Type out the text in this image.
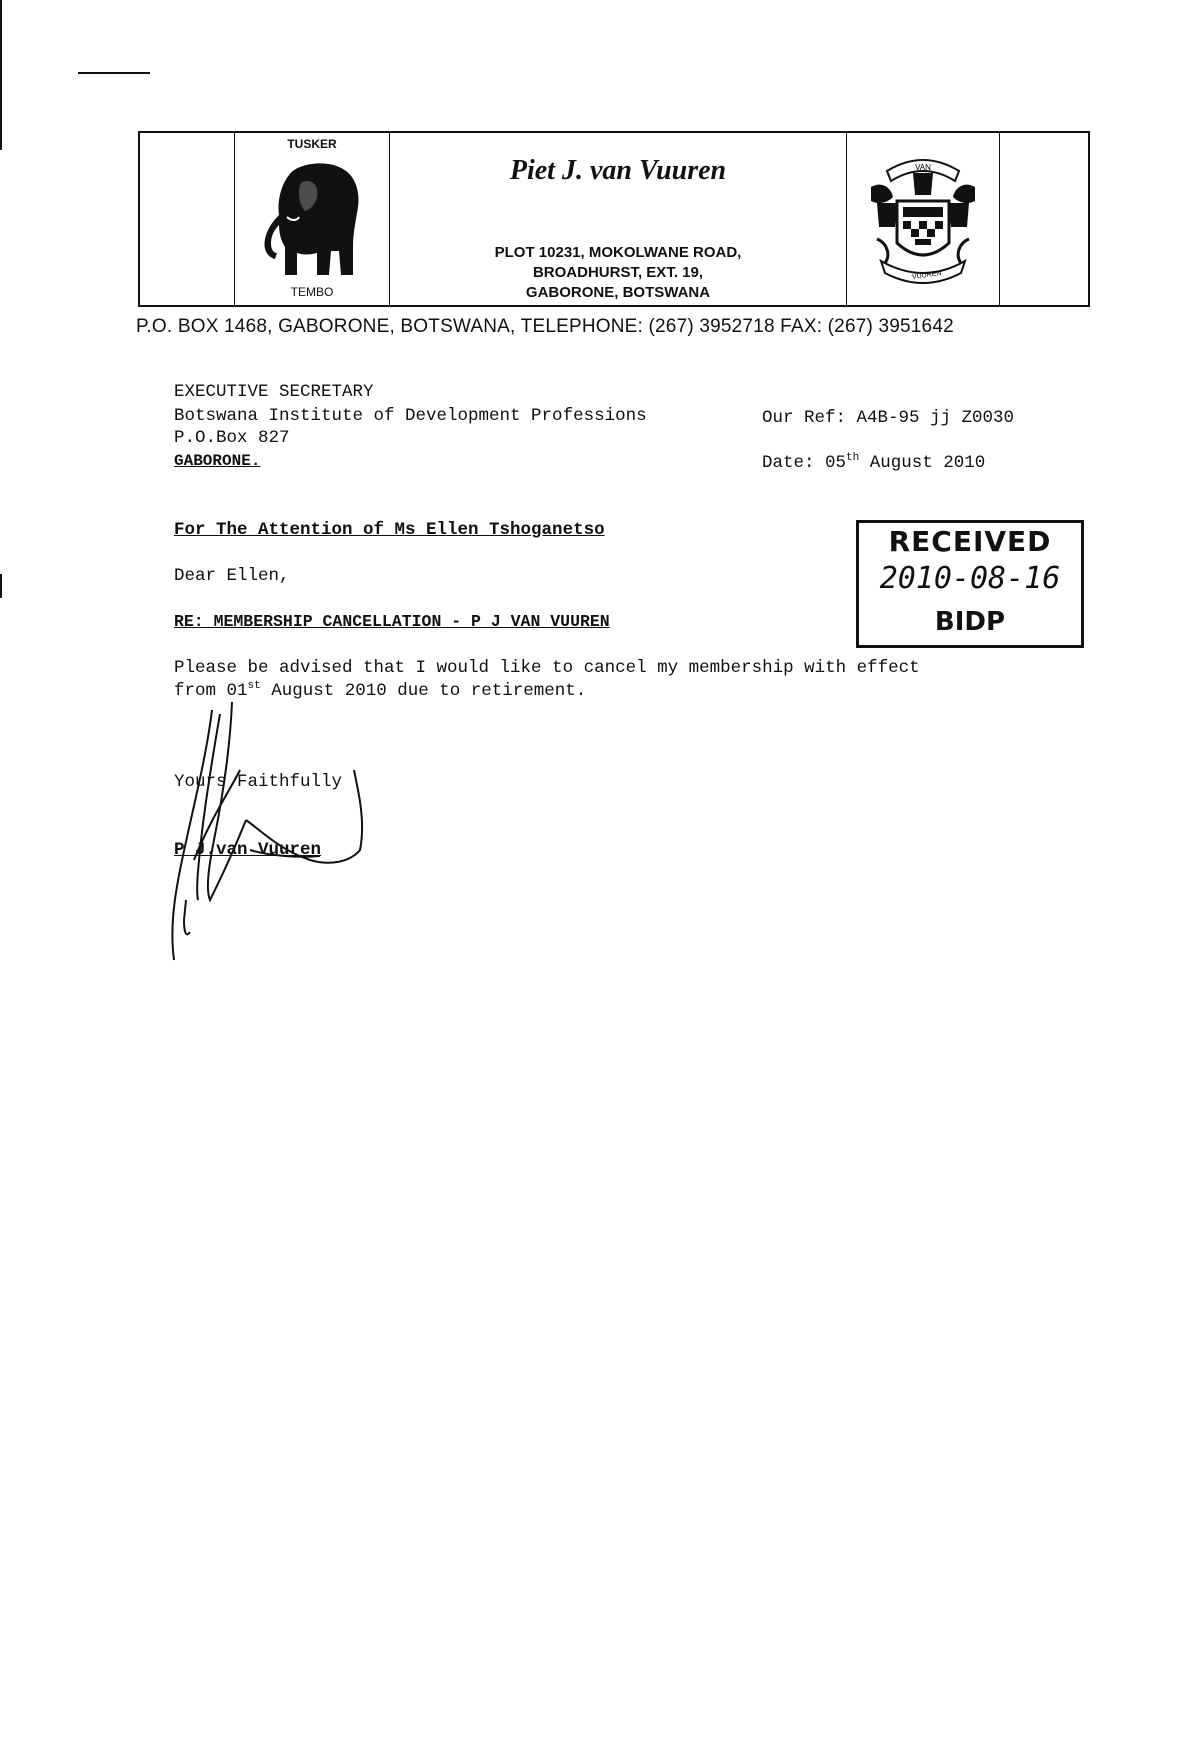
TUSKER
TEMBO
Piet J. van Vuuren
PLOT 10231, MOKOLWANE ROAD,
BROADHURST, EXT. 19,
GABORONE, BOTSWANA
VAN
VUUREN
P.O. BOX 1468, GABORONE, BOTSWANA, TELEPHONE: (267) 3952718 FAX: (267) 3951642
EXECUTIVE SECRETARY
Botswana Institute of Development Professions
P.O.Box 827
GABORONE.
Our Ref: A4B-95 jj Z0030
Date: 05th August 2010
For The Attention of Ms Ellen Tshoganetso	RECEIVED
2010-08-16
BIDP
Dear Ellen,
RE: MEMBERSHIP CANCELLATION - P J VAN VUUREN
Please be advised that I would like to cancel my membership with effect
from 01st August 2010 due to retirement.
Yours Faithfully
P J.van Vuuren
